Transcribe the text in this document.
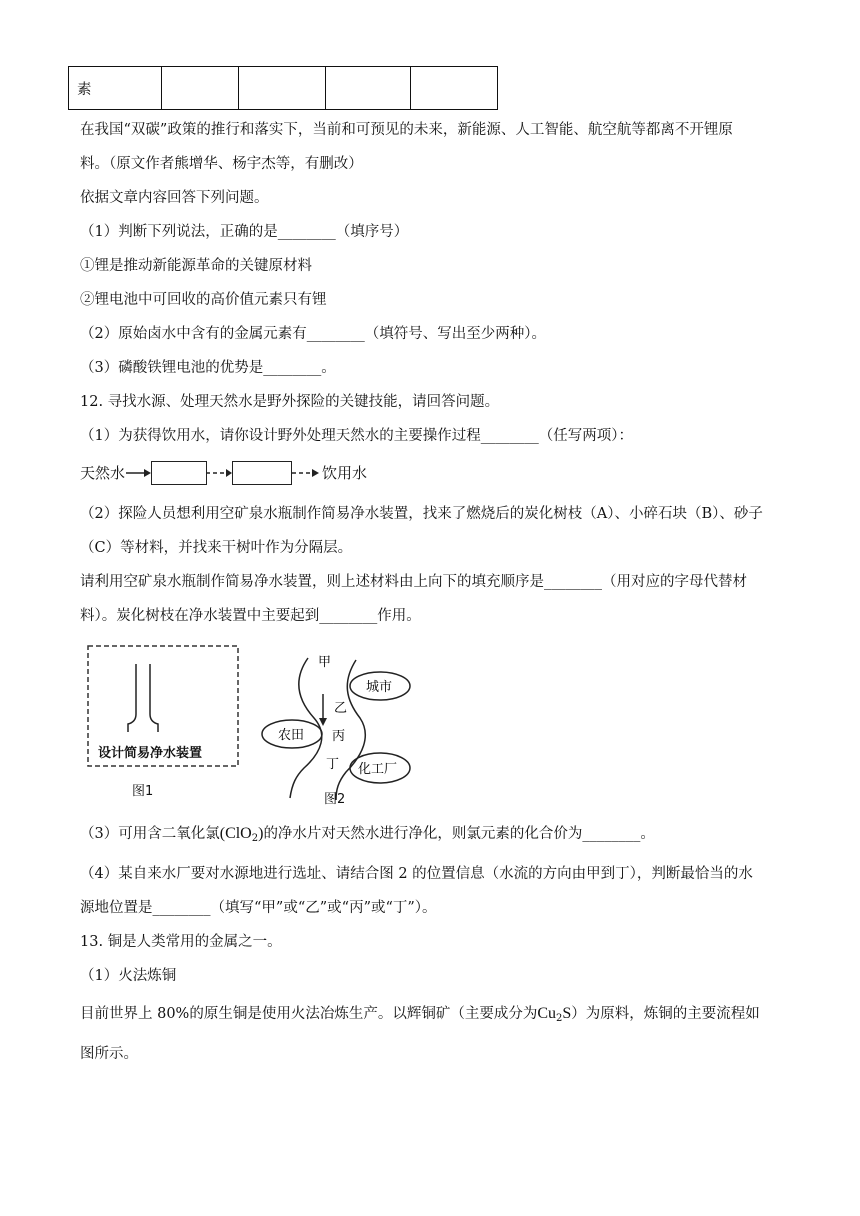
素				
在我国“双碳”政策的推行和落实下，当前和可预见的未来，新能源、人工智能、航空航等都离不开锂原
料。（原文作者熊增华、杨宇杰等，有删改）
依据文章内容回答下列问题。
（1）判断下列说法，正确的是________（填序号）
①锂是推动新能源革命的关键原材料
②锂电池中可回收的高价值元素只有锂
（2）原始卤水中含有的金属元素有________（填符号、写出至少两种）。
（3）磷酸铁锂电池的优势是________。
12. 寻找水源、处理天然水是野外探险的关键技能，请回答问题。
（1）为获得饮用水，请你设计野外处理天然水的主要操作过程________（任写两项）：
天然水	饮用水
（2）探险人员想利用空矿泉水瓶制作简易净水装置，找来了燃烧后的炭化树枝（A）、小碎石块（B）、砂子
（C）等材料，并找来干树叶作为分隔层。
请利用空矿泉水瓶制作简易净水装置，则上述材料由上向下的填充顺序是________（用对应的字母代替材
料）。炭化树枝在净水装置中主要起到________作用。
设计简易净水装置
图1
甲
乙
丙
丁
城市
农田
化工厂
图2
（3）可用含二氧化氯(ClO$_2$)的净水片对天然水进行净化，则氯元素的化合价为________。
（4）某自来水厂要对水源地进行选址、请结合图 2 的位置信息（水流的方向由甲到丁），判断最恰当的水
源地位置是________（填写“甲”或“乙”或“丙”或“丁”）。
13. 铜是人类常用的金属之一。
（1）火法炼铜
目前世界上 80%的原生铜是使用火法冶炼生产。以辉铜矿（主要成分为$Cu_2S$）为原料，炼铜的主要流程如
图所示。
